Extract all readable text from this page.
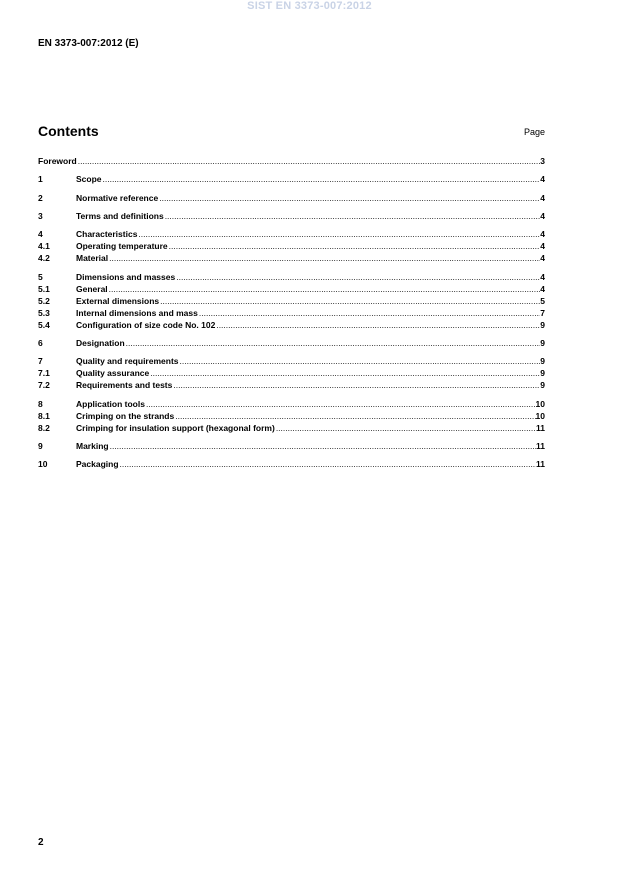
SIST EN 3373-007:2012
EN 3373-007:2012 (E)
Contents	Page
Foreword .....	3
1	Scope .....	4
2	Normative reference .....	4
3	Terms and definitions .....	4
4	Characteristics .....	4
4.1	Operating temperature .....	4
4.2	Material .....	4
5	Dimensions and masses .....	4
5.1	General .....	4
5.2	External dimensions .....	5
5.3	Internal dimensions and mass .....	7
5.4	Configuration of size code No. 102 .....	9
6	Designation .....	9
7	Quality and requirements .....	9
7.1	Quality assurance .....	9
7.2	Requirements and tests .....	9
8	Application tools .....	10
8.1	Crimping on the strands .....	10
8.2	Crimping for insulation support (hexagonal form) .....	11
9	Marking .....	11
10	Packaging .....	11
2
